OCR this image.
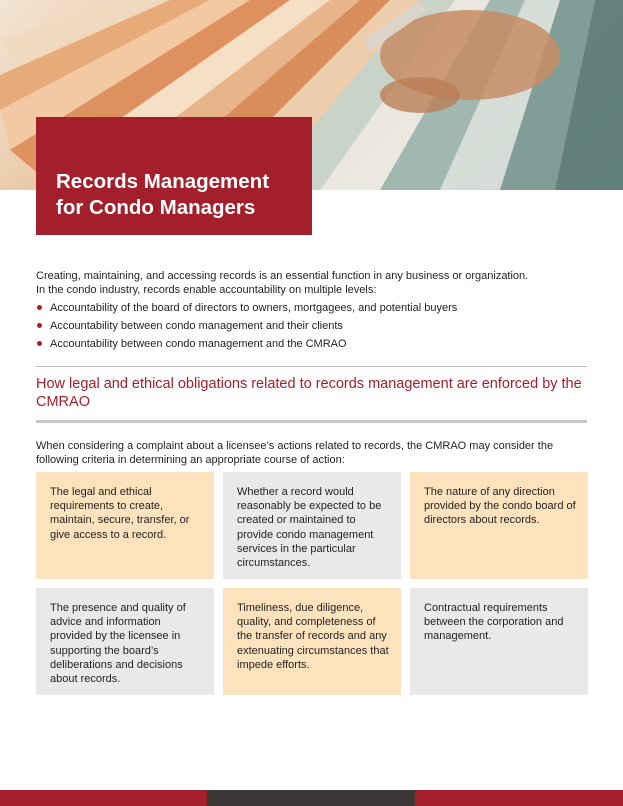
Records Management
for Condo Managers

Creating, maintaining, and accessing records is an essential function in any business or organization.

In the condo industry, records enable accountability on multiple levels:

Accountability of the board of directors to owners, mortgagees, and potential buyers
Accountability between condo management and their clients
Accountability between condo management and the CMRAO
How legal and ethical obligations related to records management are enforced by the CMRAO
When considering a complaint about a licensee’s actions related to records, the CMRAO may consider the following criteria in determining an appropriate course of action:
The legal and ethical requirements to create, maintain, secure, transfer, or give access to a record.
Whether a record would reasonably be expected to be created or maintained to provide condo management services in the particular circumstances.
The nature of any direction provided by the condo board of directors about records.
The presence and quality of advice and information provided by the licensee in supporting the board’s deliberations and decisions about records.
Timeliness, due diligence, quality, and completeness of the transfer of records and any extenuating circumstances that impede efforts.
Contractual requirements between the corporation and management.
